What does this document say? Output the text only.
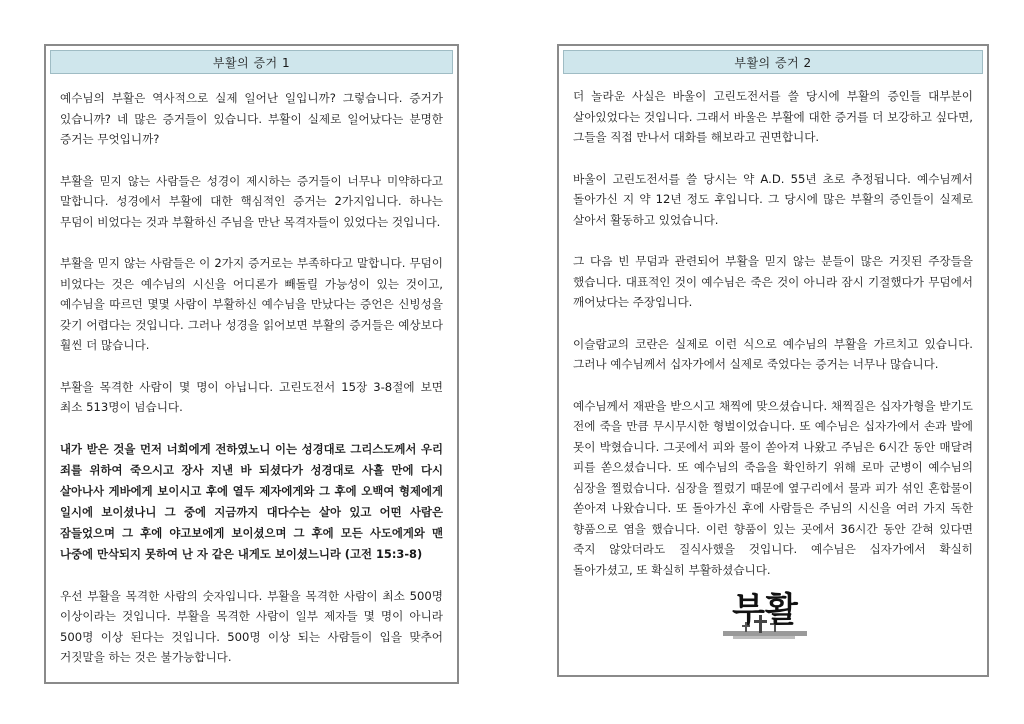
부활의 증거 1

예수님의 부활은 역사적으로 실제 일어난 일입니까? 그렇습니다. 증거가 있습니까? 네 많은 증거들이 있습니다. 부활이 실제로 일어났다는 분명한 증거는 무엇입니까?

부활을 믿지 않는 사람들은 성경이 제시하는 증거들이 너무나 미약하다고 말합니다. 성경에서 부활에 대한 핵심적인 증거는 2가지입니다. 하나는 무덤이 비었다는 것과 부활하신 주님을 만난 목격자들이 있었다는 것입니다.

부활을 믿지 않는 사람들은 이 2가지 증거로는 부족하다고 말합니다. 무덤이 비었다는 것은 예수님의 시신을 어디론가 빼돌릴 가능성이 있는 것이고, 예수님을 따르던 몇몇 사람이 부활하신 예수님을 만났다는 증언은 신빙성을 갖기 어렵다는 것입니다. 그러나 성경을 읽어보면 부활의 증거들은 예상보다 훨씬 더 많습니다.

부활을 목격한 사람이 몇 명이 아닙니다. 고린도전서 15장 3-8절에 보면 최소 513명이 넘습니다.

내가 받은 것을 먼저 너희에게 전하였노니 이는 성경대로 그리스도께서 우리 죄를 위하여 죽으시고 장사 지낸 바 되셨다가 성경대로 사흘 만에 다시 살아나사 게바에게 보이시고 후에 열두 제자에게와 그 후에 오백여 형제에게 일시에 보이셨나니 그 중에 지금까지 대다수는 살아 있고 어떤 사람은 잠들었으며 그 후에 야고보에게 보이셨으며 그 후에 모든 사도에게와 맨 나중에 만삭되지 못하여 난 자 같은 내게도 보이셨느니라 (고전 15:3-8)

우선 부활을 목격한 사람의 숫자입니다. 부활을 목격한 사람이 최소 500명 이상이라는 것입니다. 부활을 목격한 사람이 일부 제자들 몇 명이 아니라 500명 이상 된다는 것입니다. 500명 이상 되는 사람들이 입을 맞추어 거짓말을 하는 것은 불가능합니다.

부활의 증거 2

더 놀라운 사실은 바울이 고린도전서를 쓸 당시에 부활의 증인들 대부분이 살아있었다는 것입니다. 그래서 바울은 부활에 대한 증거를 더 보강하고 싶다면, 그들을 직접 만나서 대화를 해보라고 권면합니다.

바울이 고린도전서를 쓸 당시는 약 A.D. 55년 초로 추정됩니다. 예수님께서 돌아가신 지 약 12년 정도 후입니다. 그 당시에 많은 부활의 증인들이 실제로 살아서 활동하고 있었습니다.

그 다음 빈 무덤과 관련되어 부활을 믿지 않는 분들이 많은 거짓된 주장들을 했습니다. 대표적인 것이 예수님은 죽은 것이 아니라 잠시 기절했다가 무덤에서 깨어났다는 주장입니다.

이슬람교의 코란은 실제로 이런 식으로 예수님의 부활을 가르치고 있습니다. 그러나 예수님께서 십자가에서 실제로 죽었다는 증거는 너무나 많습니다.

예수님께서 재판을 받으시고 채찍에 맞으셨습니다. 채찍질은 십자가형을 받기도 전에 죽을 만큼 무시무시한 형벌이었습니다. 또 예수님은 십자가에서 손과 발에 못이 박혔습니다. 그곳에서 피와 물이 쏟아져 나왔고 주님은 6시간 동안 매달려 피를 쏟으셨습니다. 또 예수님의 죽음을 확인하기 위해 로마 군병이 예수님의 심장을 찔렀습니다. 심장을 찔렀기 때문에 옆구리에서 물과 피가 섞인 혼합물이 쏟아져 나왔습니다. 또 돌아가신 후에 사람들은 주님의 시신을 여러 가지 독한 향품으로 염을 했습니다. 이런 향품이 있는 곳에서 36시간 동안 갇혀 있다면 죽지 않았더라도 질식사했을 것입니다. 예수님은 십자가에서 확실히 돌아가셨고, 또 확실히 부활하셨습니다.

부활
